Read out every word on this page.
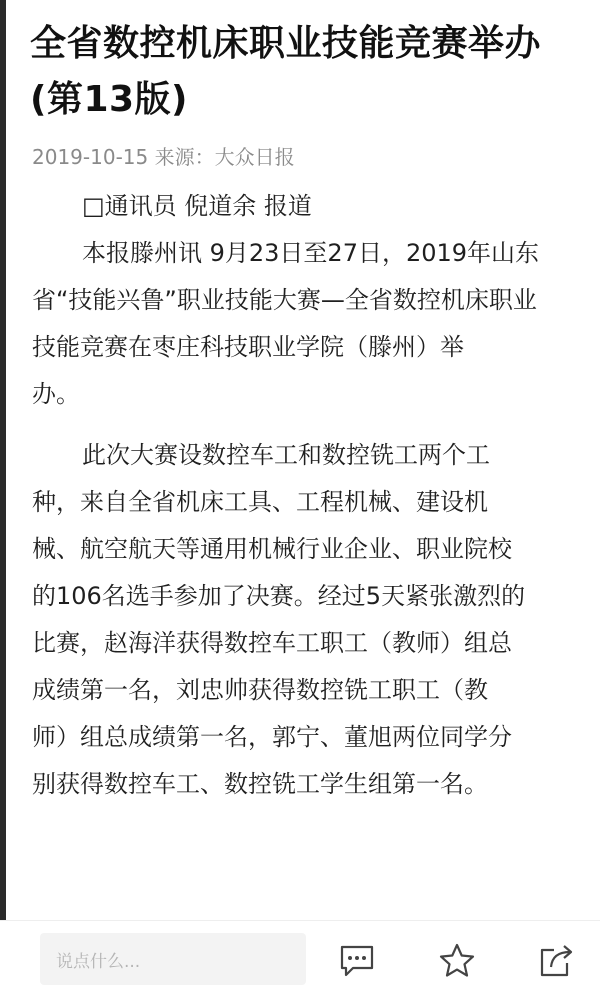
全省数控机床职业技能竞赛举办
(第13版)
2019-10-15 来源：大众日报
□通讯员 倪道余 报道
本报滕州讯 9月23日至27日，2019年山东
省“技能兴鲁”职业技能大赛—全省数控机床职业
技能竞赛在枣庄科技职业学院（滕州）举
办。
此次大赛设数控车工和数控铣工两个工
种，来自全省机床工具、工程机械、建设机
械、航空航天等通用机械行业企业、职业院校
的106名选手参加了决赛。经过5天紧张激烈的
比赛，赵海洋获得数控车工职工（教师）组总
成绩第一名，刘忠帅获得数控铣工职工（教
师）组总成绩第一名，郭宁、董旭两位同学分
别获得数控车工、数控铣工学生组第一名。
说点什么...
